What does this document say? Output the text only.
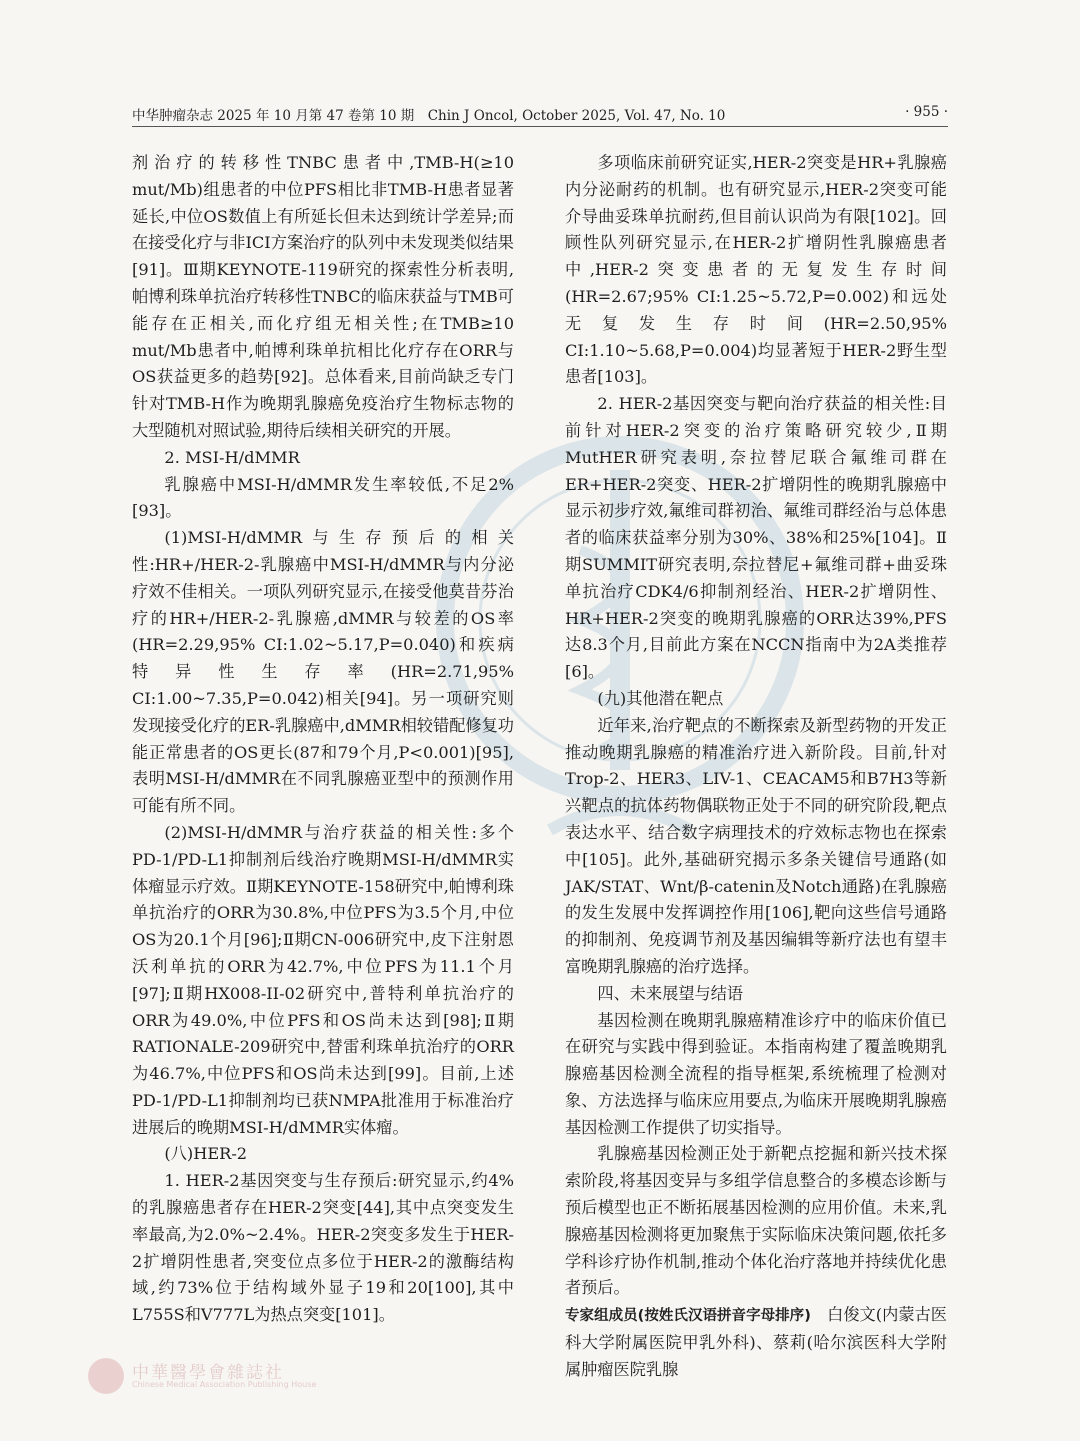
中华肿瘤杂志 2025 年 10 月第 47 卷第 10 期　Chin J Oncol, October 2025, Vol. 47, No. 10	· 955 ·

剂治疗的转移性TNBC患者中,TMB-H(≥10 mut/Mb)组患者的中位PFS相比非TMB-H患者显著延长,中位OS数值上有所延长但未达到统计学差异;而在接受化疗与非ICI方案治疗的队列中未发现类似结果[91]。Ⅲ期KEYNOTE-119研究的探索性分析表明,帕博利珠单抗治疗转移性TNBC的临床获益与TMB可能存在正相关,而化疗组无相关性;在TMB≥10 mut/Mb患者中,帕博利珠单抗相比化疗存在ORR与OS获益更多的趋势[92]。总体看来,目前尚缺乏专门针对TMB-H作为晚期乳腺癌免疫治疗生物标志物的大型随机对照试验,期待后续相关研究的开展。

2. MSI-H/dMMR

乳腺癌中MSI-H/dMMR发生率较低,不足2%[93]。

(1)MSI-H/dMMR与生存预后的相关性:HR+/HER-2-乳腺癌中MSI-H/dMMR与内分泌疗效不佳相关。一项队列研究显示,在接受他莫昔芬治疗的HR+/HER-2-乳腺癌,dMMR与较差的OS率(HR=2.29,95% CI:1.02~5.17,P=0.040)和疾病特异性生存率(HR=2.71,95% CI:1.00~7.35,P=0.042)相关[94]。另一项研究则发现接受化疗的ER-乳腺癌中,dMMR相较错配修复功能正常患者的OS更长(87和79个月,P<0.001)[95],表明MSI-H/dMMR在不同乳腺癌亚型中的预测作用可能有所不同。

(2)MSI-H/dMMR与治疗获益的相关性:多个PD-1/PD-L1抑制剂后线治疗晚期MSI-H/dMMR实体瘤显示疗效。Ⅱ期KEYNOTE-158研究中,帕博利珠单抗治疗的ORR为30.8%,中位PFS为3.5个月,中位OS为20.1个月[96];Ⅱ期CN-006研究中,皮下注射恩沃利单抗的ORR为42.7%,中位PFS为11.1个月[97];Ⅱ期HX008-II-02研究中,普特利单抗治疗的ORR为49.0%,中位PFS和OS尚未达到[98];Ⅱ期RATIONALE-209研究中,替雷利珠单抗治疗的ORR为46.7%,中位PFS和OS尚未达到[99]。目前,上述PD-1/PD-L1抑制剂均已获NMPA批准用于标准治疗进展后的晚期MSI-H/dMMR实体瘤。

(八)HER-2

1. HER-2基因突变与生存预后:研究显示,约4%的乳腺癌患者存在HER-2突变[44],其中点突变发生率最高,为2.0%~2.4%。HER-2突变多发生于HER-2扩增阴性患者,突变位点多位于HER-2的激酶结构域,约73%位于结构域外显子19和20[100],其中L755S和V777L为热点突变[101]。

多项临床前研究证实,HER-2突变是HR+乳腺癌内分泌耐药的机制。也有研究显示,HER-2突变可能介导曲妥珠单抗耐药,但目前认识尚为有限[102]。回顾性队列研究显示,在HER-2扩增阴性乳腺癌患者中,HER-2突变患者的无复发生存时间(HR=2.67;95% CI:1.25~5.72,P=0.002)和远处无复发生存时间(HR=2.50,95% CI:1.10~5.68,P=0.004)均显著短于HER-2野生型患者[103]。

2. HER-2基因突变与靶向治疗获益的相关性:目前针对HER-2突变的治疗策略研究较少,Ⅱ期MutHER研究表明,奈拉替尼联合氟维司群在ER+HER-2突变、HER-2扩增阴性的晚期乳腺癌中显示初步疗效,氟维司群初治、氟维司群经治与总体患者的临床获益率分别为30%、38%和25%[104]。Ⅱ期SUMMIT研究表明,奈拉替尼+氟维司群+曲妥珠单抗治疗CDK4/6抑制剂经治、HER-2扩增阴性、HR+HER-2突变的晚期乳腺癌的ORR达39%,PFS达8.3个月,目前此方案在NCCN指南中为2A类推荐[6]。

(九)其他潜在靶点

近年来,治疗靶点的不断探索及新型药物的开发正推动晚期乳腺癌的精准治疗进入新阶段。目前,针对Trop-2、HER3、LIV-1、CEACAM5和B7H3等新兴靶点的抗体药物偶联物正处于不同的研究阶段,靶点表达水平、结合数字病理技术的疗效标志物也在探索中[105]。此外,基础研究揭示多条关键信号通路(如JAK/STAT、Wnt/β-catenin及Notch通路)在乳腺癌的发生发展中发挥调控作用[106],靶向这些信号通路的抑制剂、免疫调节剂及基因编辑等新疗法也有望丰富晚期乳腺癌的治疗选择。

四、未来展望与结语

基因检测在晚期乳腺癌精准诊疗中的临床价值已在研究与实践中得到验证。本指南构建了覆盖晚期乳腺癌基因检测全流程的指导框架,系统梳理了检测对象、方法选择与临床应用要点,为临床开展晚期乳腺癌基因检测工作提供了切实指导。

乳腺癌基因检测正处于新靶点挖掘和新兴技术探索阶段,将基因变异与多组学信息整合的多模态诊断与预后模型也正不断拓展基因检测的应用价值。未来,乳腺癌基因检测将更加聚焦于实际临床决策问题,依托多学科诊疗协作机制,推动个体化治疗落地并持续优化患者预后。

专家组成员(按姓氏汉语拼音字母排序)　白俊文(内蒙古医科大学附属医院甲乳外科)、蔡莉(哈尔滨医科大学附属肿瘤医院乳腺

中華醫學會雜誌社
Chinese Medical Association Publishing House
